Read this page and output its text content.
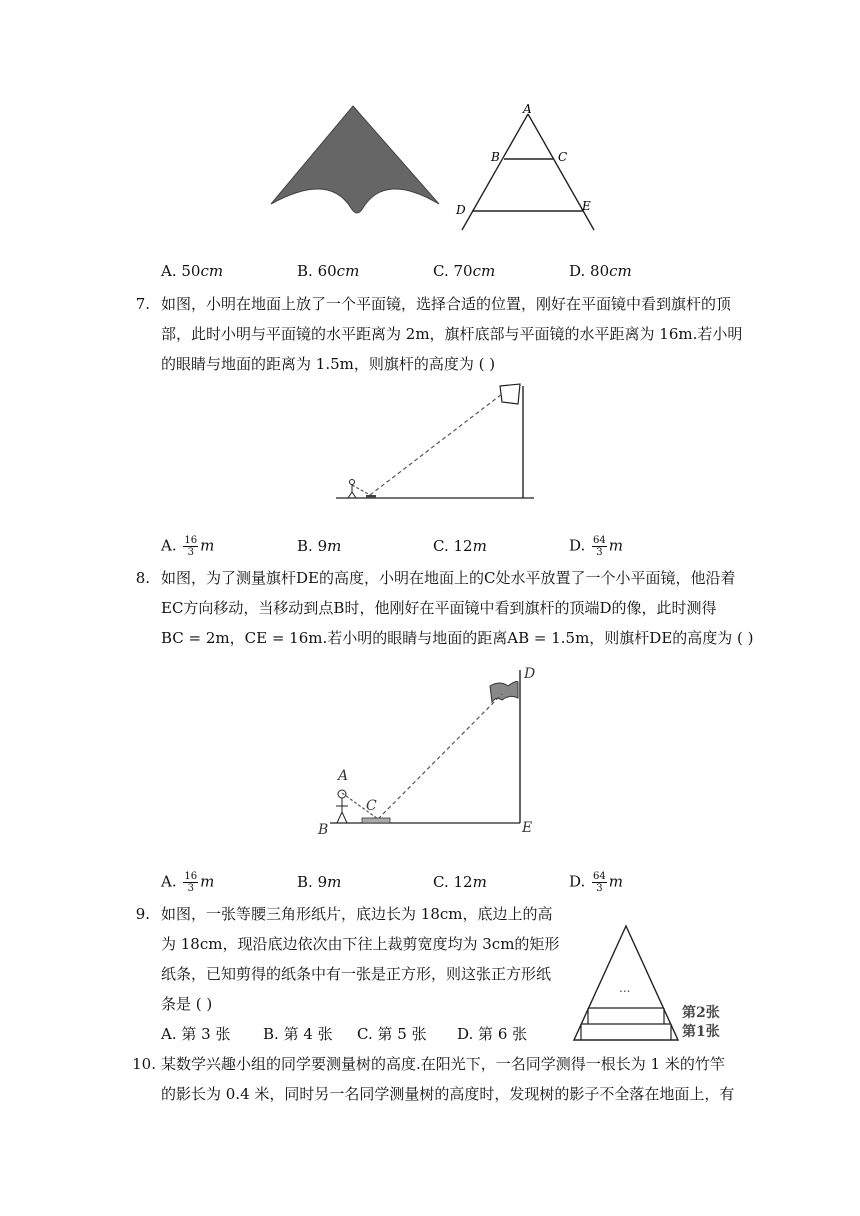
A
B	C
D	E
A. 50cm	B. 60cm	C. 70cm	D. 80cm
7. 如图，小明在地面上放了一个平面镜，选择合适的位置，刚好在平面镜中看到旗杆的顶
部，此时小明与平面镜的水平距离为 2m，旗杆底部与平面镜的水平距离为 16m.若小明
的眼睛与地面的距离为 1.5m，则旗杆的高度为 ( )
A. $\frac{16}{3}$ m	B. 9m	C. 12m	D. $\frac{64}{3}$ m
8. 如图，为了测量旗杆DE的高度，小明在地面上的C处水平放置了一个小平面镜，他沿着
EC方向移动，当移动到点B时，他刚好在平面镜中看到旗杆的顶端D的像，此时测得
BC = 2m，CE = 16m.若小明的眼睛与地面的距离AB = 1.5m，则旗杆DE的高度为 ( )
A
B
C
D
E
A. $\frac{16}{3}$ m	B. 9m	C. 12m	D. $\frac{64}{3}$ m
9. 如图，一张等腰三角形纸片，底边长为 18cm，底边上的高
为 18cm，现沿底边依次由下往上裁剪宽度均为 3cm的矩形
纸条，已知剪得的纸条中有一张是正方形，则这张正方形纸
条是 ( )
A. 第 3 张 B. 第 4 张 C. 第 5 张 D. 第 6 张
...
第2张
第1张
10. 某数学兴趣小组的同学要测量树的高度.在阳光下，一名同学测得一根长为 1 米的竹竿
的影长为 0.4 米，同时另一名同学测量树的高度时，发现树的影子不全落在地面上，有
